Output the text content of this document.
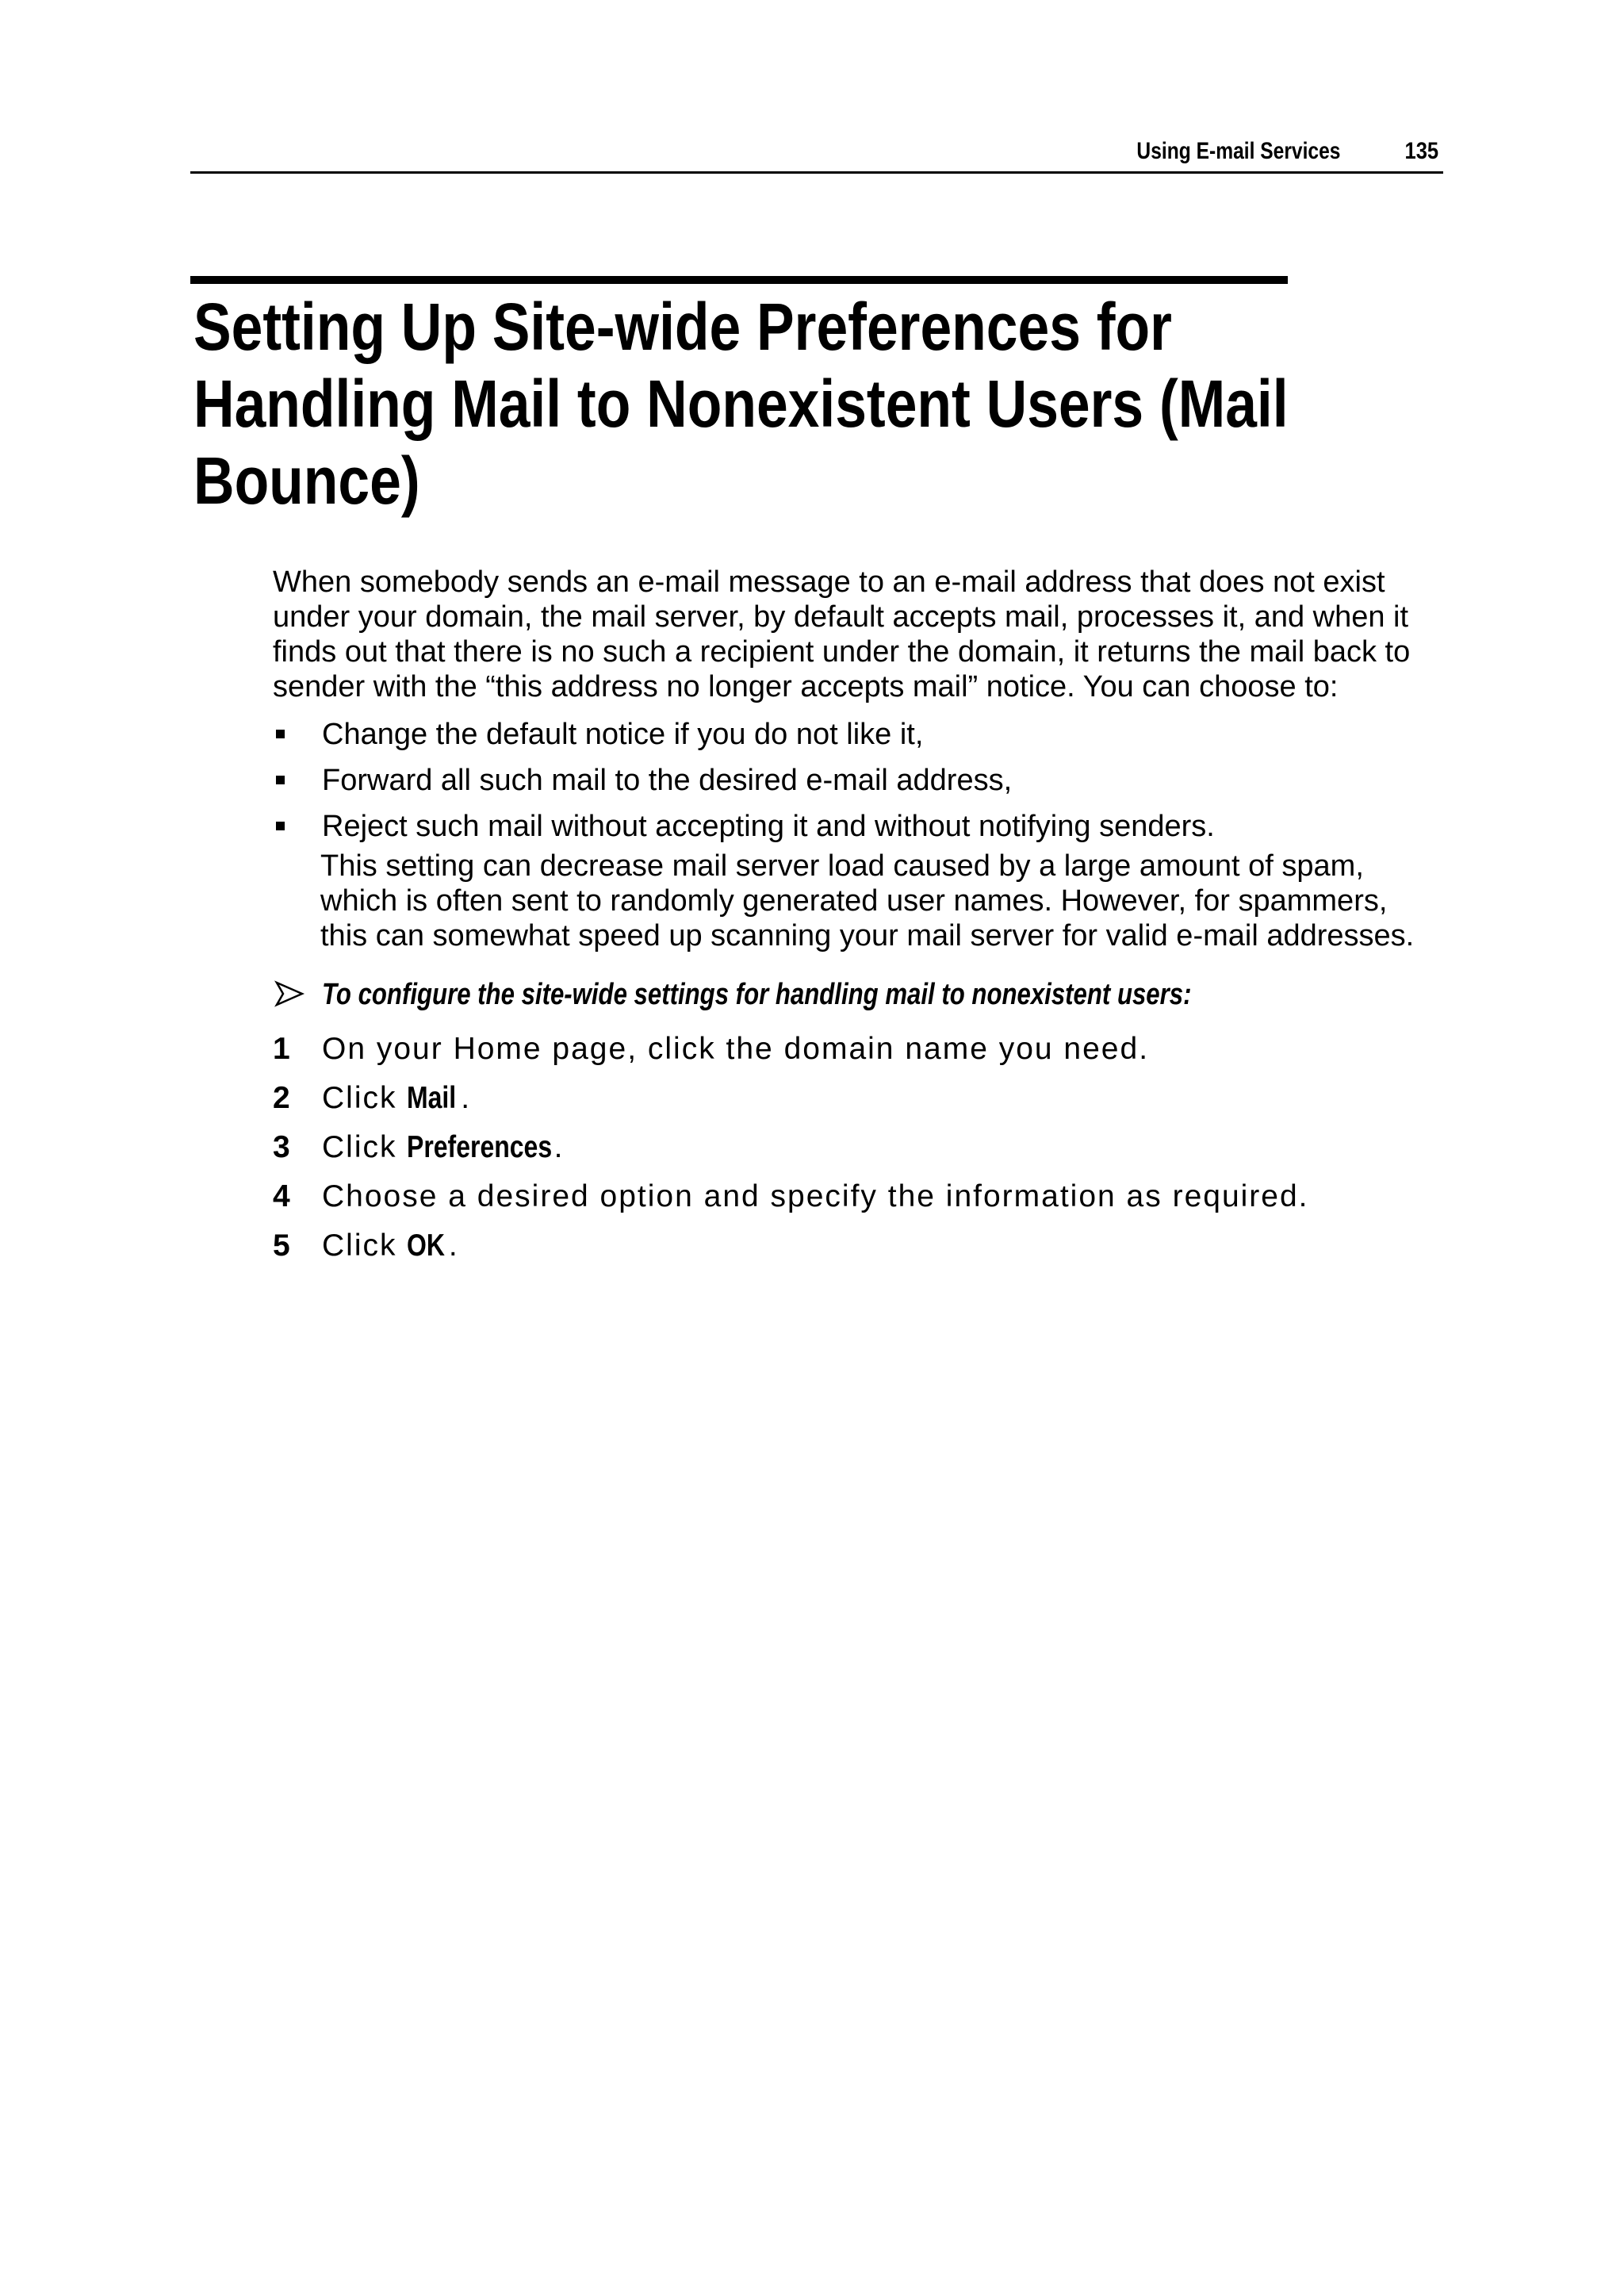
Using E-mail Services	135
Setting Up Site-wide Preferences for Handling Mail to Nonexistent Users (Mail Bounce)

When somebody sends an e-mail message to an e-mail address that does not exist under your domain, the mail server, by default accepts mail, processes it, and when it finds out that there is no such a recipient under the domain, it returns the mail back to sender with the “this address no longer accepts mail” notice. You can choose to:

Change the default notice if you do not like it,
Forward all such mail to the desired e-mail address,
Reject such mail without accepting it and without notifying senders.

This setting can decrease mail server load caused by a large amount of spam, which is often sent to randomly generated user names. However, for spammers, this can somewhat speed up scanning your mail server for valid e-mail addresses.

To configure the site-wide settings for handling mail to nonexistent users:
1 On your Home page, click the domain name you need.
2 Click Mail .
3 Click Preferences.
4 Choose a desired option and specify the information as required.
5 Click OK .
